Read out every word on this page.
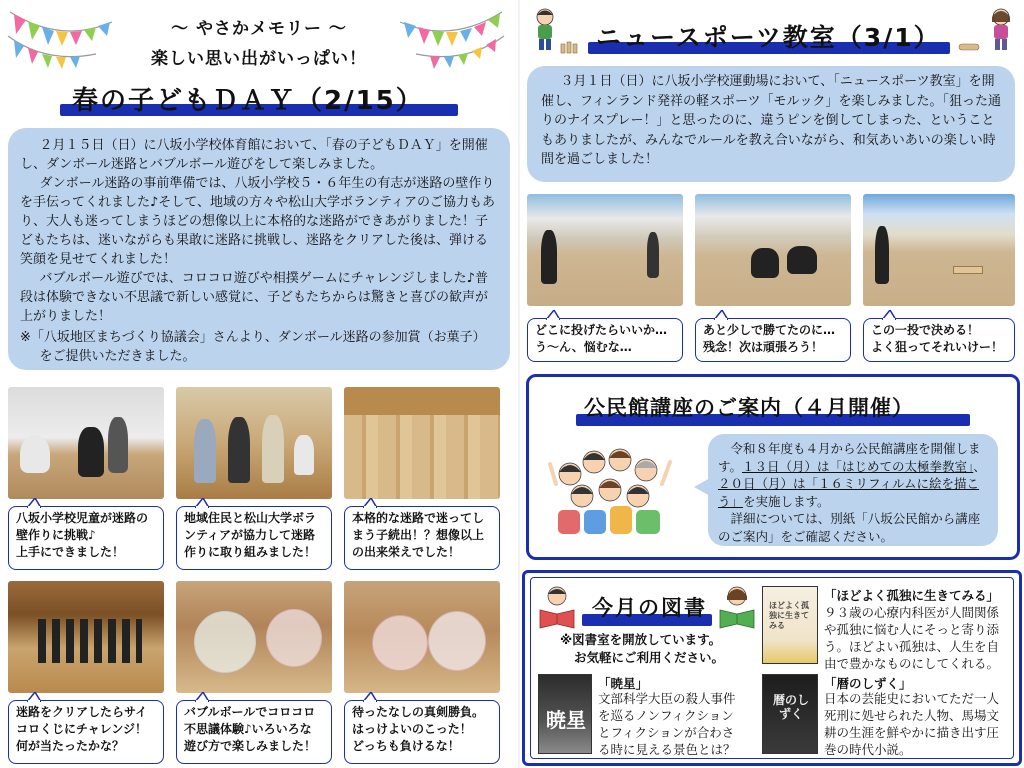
～ やさかメモリー ～
楽しい思い出がいっぱい！
春の子どもＤＡＹ（2/15）

２月１５日（日）に八坂小学校体育館において、「春の子どもＤＡＹ」を開催し、ダンボール迷路とバブルボール遊びをして楽しみました。

ダンボール迷路の事前準備では、八坂小学校５・６年生の有志が迷路の壁作りを手伝ってくれました♪そして、地域の方々や松山大学ボランティアのご協力もあり、大人も迷ってしまうほどの想像以上に本格的な迷路ができあがりました！子どもたちは、迷いながらも果敢に迷路に挑戦し、迷路をクリアした後は、弾ける笑顔を見せてくれました！

バブルボール遊びでは、コロコロ遊びや相撲ゲームにチャレンジしました♪普段は体験できない不思議で新しい感覚に、子どもたちからは驚きと喜びの歓声が上がりました！

※「八坂地区まちづくり協議会」さんより、ダンボール迷路の参加賞（お菓子）をご提供いただきました。

八坂小学校児童が迷路の
壁作りに挑戦♪
上手にできました！
地域住民と松山大学ボラ
ンティアが協力して迷路
作りに取り組みました！
本格的な迷路で迷ってし
まう子続出！？想像以上
の出来栄えでした！
迷路をクリアしたらサイ
コロくじにチャレンジ！
何が当たったかな？
バブルボールでコロコロ
不思議体験♪いろいろな
遊び方で楽しみました！
待ったなしの真剣勝負。
はっけよいのこった！
どっちも負けるな！
ニュースポーツ教室（3/1）

３月１日（日）に八坂小学校運動場において、「ニュースポーツ教室」を開催し、フィンランド発祥の軽スポーツ「モルック」を楽しみました。「狙った通りのナイスプレー！」と思ったのに、違うピンを倒してしまった、ということもありましたが、みんなでルールを教え合いながら、和気あいあいの楽しい時間を過ごしました！

どこに投げたらいいか…
う～ん、悩むな…
あと少しで勝てたのに…
残念！次は頑張ろう！
この一投で決める！
よく狙ってそれいけー！
公民館講座のご案内（４月開催）
令和８年度も４月から公民館講座を開催します。１３日（月）は「はじめての太極拳教室」、２０日（月）は「１６ミリフィルムに絵を描こう」を実施します。
詳細については、別紙「八坂公民館から講座のご案内」をご確認ください。
今月の図書
※図書室を開放しています。
お気軽にご利用ください。
ほどよく孤独に生きてみる
「ほどよく孤独に生きてみる」
９３歳の心療内科医が人間関係
や孤独に悩む人にそっと寄り添
う。ほどよい孤独は、人生を自
由で豊かなものにしてくれる。
暁星
「暁星」
文部科学大臣の殺人事件
を巡るノンフィクション
とフィクションが合わさ
る時に見える景色とは？
暦のしずく
「暦のしずく」
日本の芸能史においてただ一人
死刑に処せられた人物、馬場文
耕の生涯を鮮やかに描き出す圧
巻の時代小説。
